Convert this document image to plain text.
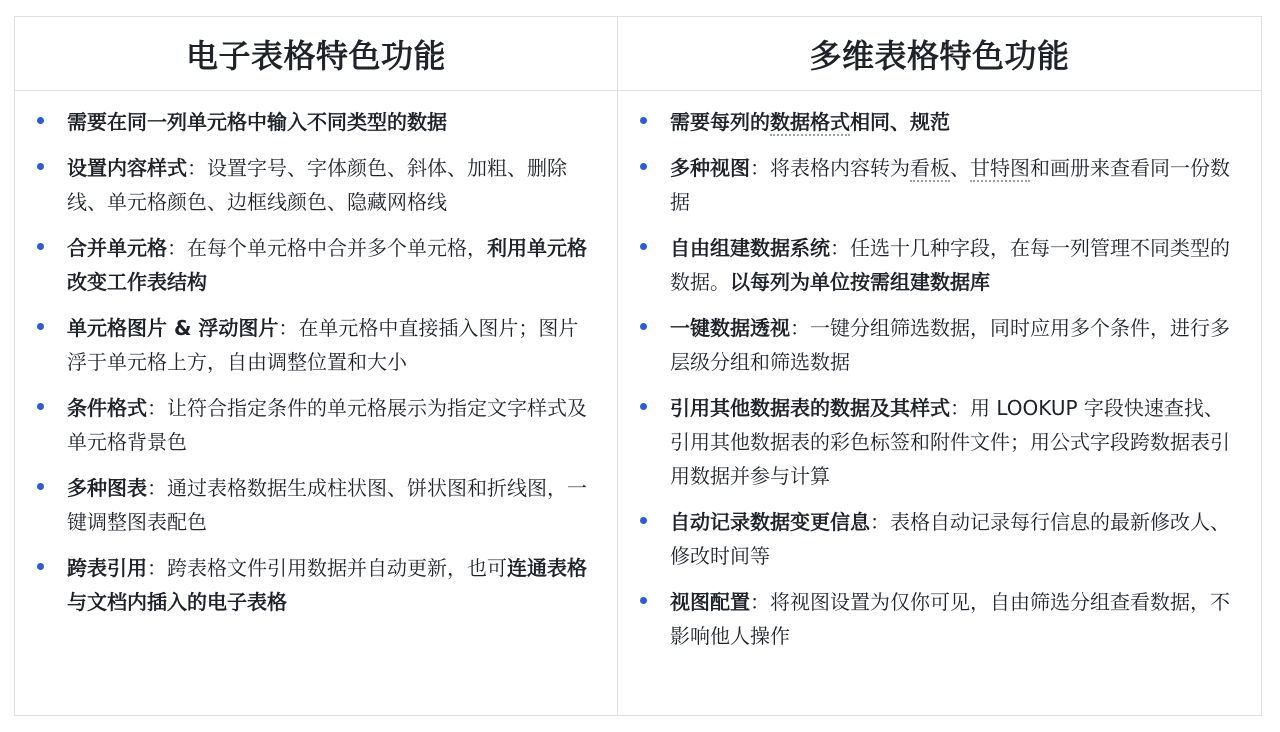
电子表格特色功能	多维表格特色功能
需要在同一列单元格中输入不同类型的数据
设置内容样式：设置字号、字体颜色、斜体、加粗、删除线、单元格颜色、边框线颜色、隐藏网格线
合并单元格：在每个单元格中合并多个单元格，利用单元格改变工作表结构
单元格图片 & 浮动图片：在单元格中直接插入图片；图片浮于单元格上方，自由调整位置和大小
条件格式：让符合指定条件的单元格展示为指定文字样式及单元格背景色
多种图表：通过表格数据生成柱状图、饼状图和折线图，一键调整图表配色
跨表引用：跨表格文件引用数据并自动更新，也可连通表格与文档内插入的电子表格
需要每列的数据格式相同、规范
多种视图：将表格内容转为看板、甘特图和画册来查看同一份数据
自由组建数据系统：任选十几种字段，在每一列管理不同类型的数据。以每列为单位按需组建数据库
一键数据透视：一键分组筛选数据，同时应用多个条件，进行多层级分组和筛选数据
引用其他数据表的数据及其样式：用 LOOKUP 字段快速查找、引用其他数据表的彩色标签和附件文件；用公式字段跨数据表引用数据并参与计算
自动记录数据变更信息：表格自动记录每行信息的最新修改人、修改时间等
视图配置：将视图设置为仅你可见，自由筛选分组查看数据，不影响他人操作
